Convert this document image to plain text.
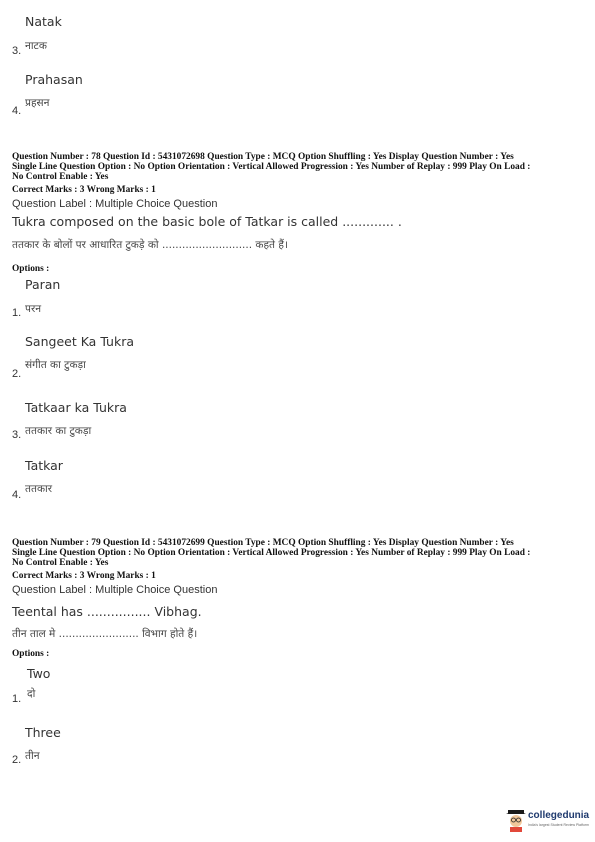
Natak
3. नाटक
Prahasan
4.
प्रहसन
Question Number : 78 Question Id : 5431072698 Question Type : MCQ Option Shuffling : Yes Display Question Number : Yes
Single Line Question Option : No Option Orientation : Vertical Allowed Progression : Yes Number of Replay : 999 Play On Load :
No Control Enable : Yes
Correct Marks : 3 Wrong Marks : 1
Question Label : Multiple Choice Question
Tukra composed on the basic bole of Tatkar is called ............. .
ततकार के बोलों पर आधारित टुकड़े को ........................... कहते हैं।
Options :
Paran
1. परन
Sangeet Ka Tukra
2.
संगीत का टुकड़ा
Tatkaar ka Tukra
3. ततकार का टुकड़ा
Tatkar
4. ततकार
Question Number : 79 Question Id : 5431072699 Question Type : MCQ Option Shuffling : Yes Display Question Number : Yes
Single Line Question Option : No Option Orientation : Vertical Allowed Progression : Yes Number of Replay : 999 Play On Load :
No Control Enable : Yes
Correct Marks : 3 Wrong Marks : 1
Question Label : Multiple Choice Question
Teental has ................ Vibhag.
तीन ताल मे ........................ विभाग होते हैं।
Options :
Two
1. दो
Three
2. तीन
collegedunia
India's largest Student Review Platform
